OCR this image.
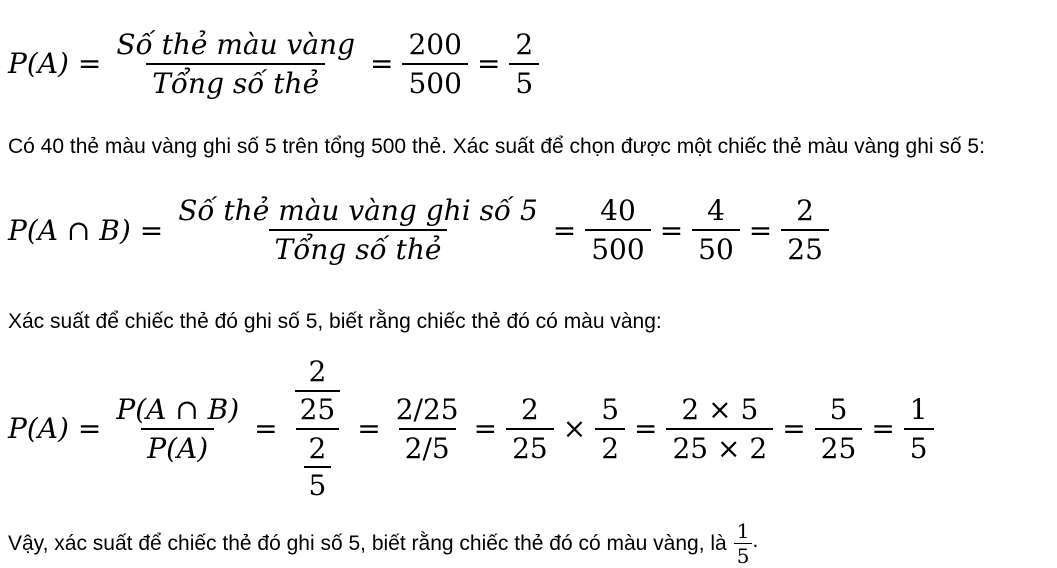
$P(A) = \frac{\text{Số thẻ màu vàng}}{\text{Tổng số thẻ}} = \frac{200}{500} = \frac{2}{5}$

Có 40 thẻ màu vàng ghi số 5 trên tổng 500 thẻ. Xác suất để chọn được một chiếc thẻ màu vàng ghi số 5:

P(A ∩ $B) = \frac{\text{Số thẻ màu vàng ghi số 5}}{\text{Tổng số thẻ}} = \frac{40}{500} = \frac{4}{50} = \frac{2}{25}$

Xác suất để chiếc thẻ đó ghi số 5, biết rằng chiếc thẻ đó có màu vàng:

$P(A) = \frac{P(A \cap B)}{P(A)} = \frac{\frac{2}{25}}{\frac{2}{5}} = \frac{2/25}{2/5} = \frac{2}{25} \times \frac{5}{2} = \frac{2 \times 5}{25 \times 2} = \frac{5}{25} = \frac{1}{5}$
Vậy, xác suất để chiếc thẻ đó ghi số 5, biết rằng chiếc thẻ đó có màu vàng, là $\frac{1}{5}$ .
